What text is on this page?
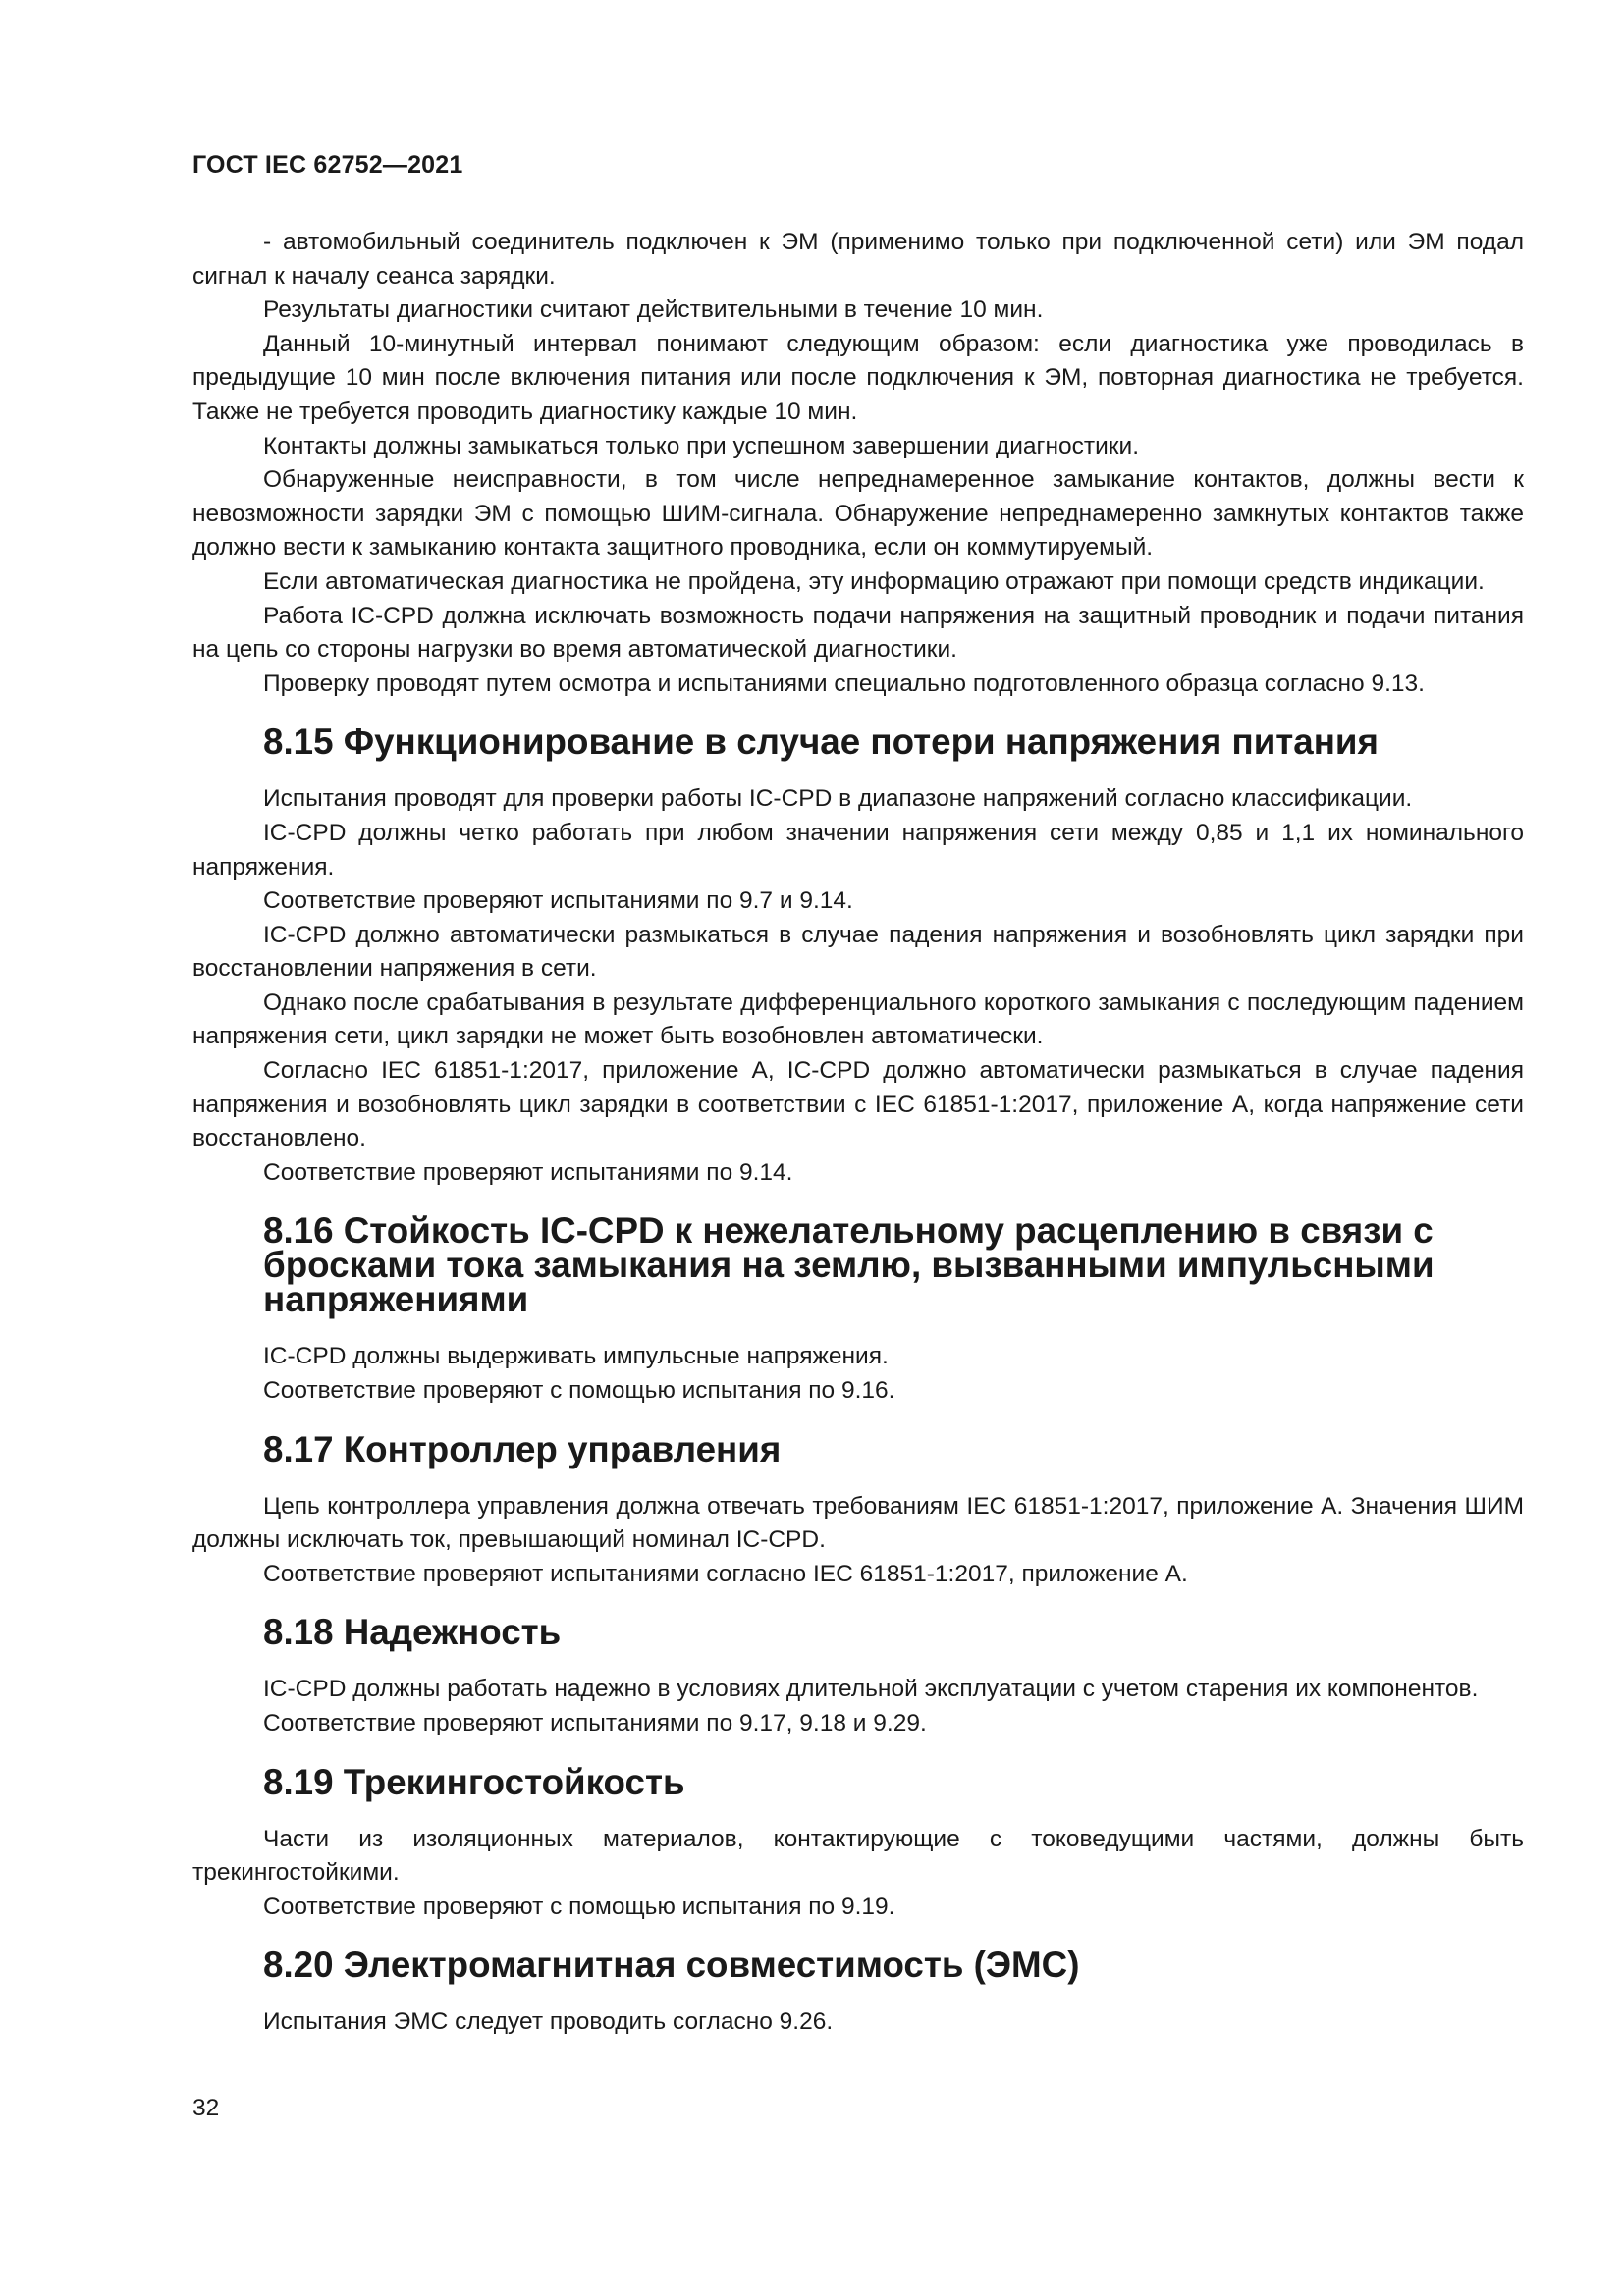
ГОСТ IEC 62752—2021

- автомобильный соединитель подключен к ЭМ (применимо только при подключенной сети) или ЭМ подал сигнал к началу сеанса зарядки.

Результаты диагностики считают действительными в течение 10 мин.

Данный 10-минутный интервал понимают следующим образом: если диагностика уже проводилась в предыдущие 10 мин после включения питания или после подключения к ЭМ, повторная диагностика не требуется. Также не требуется проводить диагностику каждые 10 мин.

Контакты должны замыкаться только при успешном завершении диагностики.

Обнаруженные неисправности, в том числе непреднамеренное замыкание контактов, должны вести к невозможности зарядки ЭМ с помощью ШИМ-сигнала. Обнаружение непреднамеренно замкнутых контактов также должно вести к замыканию контакта защитного проводника, если он коммутируемый.

Если автоматическая диагностика не пройдена, эту информацию отражают при помощи средств индикации.

Работа IC-CPD должна исключать возможность подачи напряжения на защитный проводник и подачи питания на цепь со стороны нагрузки во время автоматической диагностики.

Проверку проводят путем осмотра и испытаниями специально подготовленного образца согласно 9.13.

8.15 Функционирование в случае потери напряжения питания

Испытания проводят для проверки работы IC-CPD в диапазоне напряжений согласно классификации.

IC-CPD должны четко работать при любом значении напряжения сети между 0,85 и 1,1 их номинального напряжения.

Соответствие проверяют испытаниями по 9.7 и 9.14.

IC-CPD должно автоматически размыкаться в случае падения напряжения и возобновлять цикл зарядки при восстановлении напряжения в сети.

Однако после срабатывания в результате дифференциального короткого замыкания с последующим падением напряжения сети, цикл зарядки не может быть возобновлен автоматически.

Согласно IEC 61851-1:2017, приложение А, IC-CPD должно автоматически размыкаться в случае падения напряжения и возобновлять цикл зарядки в соответствии с IEC 61851-1:2017, приложение А, когда напряжение сети восстановлено.

Соответствие проверяют испытаниями по 9.14.

8.16 Стойкость IC-CPD к нежелательному расцеплению в связи с бросками тока замыкания на землю, вызванными импульсными напряжениями

IC-CPD должны выдерживать импульсные напряжения.

Соответствие проверяют с помощью испытания по 9.16.

8.17 Контроллер управления

Цепь контроллера управления должна отвечать требованиям IEC 61851-1:2017, приложение А. Значения ШИМ должны исключать ток, превышающий номинал IC-CPD.

Соответствие проверяют испытаниями согласно IEC 61851-1:2017, приложение А.

8.18 Надежность

IC-CPD должны работать надежно в условиях длительной эксплуатации с учетом старения их компонентов.

Соответствие проверяют испытаниями по 9.17, 9.18 и 9.29.

8.19 Трекингостойкость

Части из изоляционных материалов, контактирующие с токоведущими частями, должны быть трекингостойкими.

Соответствие проверяют с помощью испытания по 9.19.

8.20 Электромагнитная совместимость (ЭМС)

Испытания ЭМС следует проводить согласно 9.26.

32
